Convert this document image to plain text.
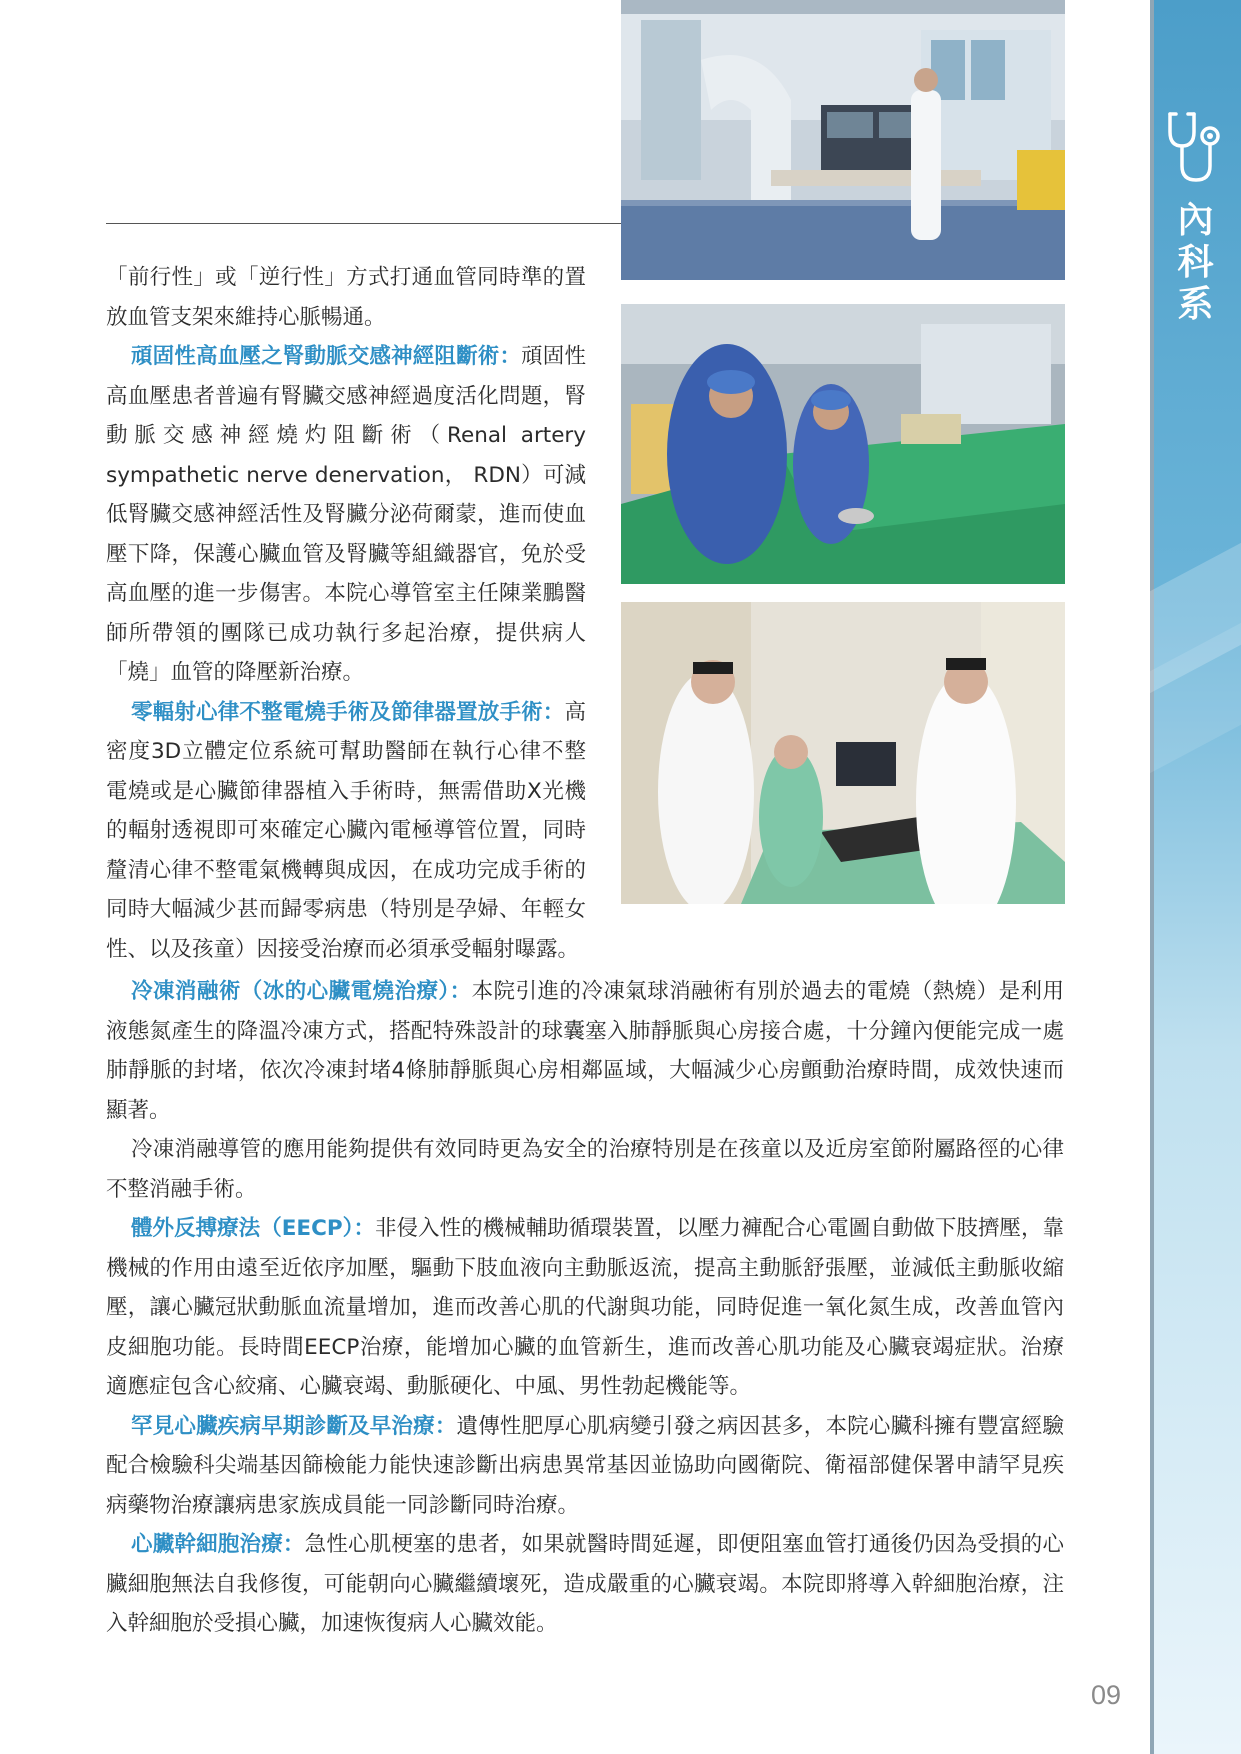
內科系

「前行性」或「逆行性」方式打通血管同時準的置放血管支架來維持心脈暢通。

頑固性高血壓之腎動脈交感神經阻斷術：頑固性高血壓患者普遍有腎臟交感神經過度活化問題，腎動脈交感神經燒灼阻斷術（Renal artery sympathetic nerve denervation， RDN）可減低腎臟交感神經活性及腎臟分泌荷爾蒙，進而使血壓下降，保護心臟血管及腎臟等組織器官，免於受高血壓的進一步傷害。本院心導管室主任陳業鵬醫師所帶領的團隊已成功執行多起治療，提供病人「燒」血管的降壓新治療。

零輻射心律不整電燒手術及節律器置放手術：高密度3D立體定位系統可幫助醫師在執行心律不整電燒或是心臟節律器植入手術時，無需借助X光機的輻射透視即可來確定心臟內電極導管位置，同時釐清心律不整電氣機轉與成因，在成功完成手術的同時大幅減少甚而歸零病患（特別是孕婦、年輕女性、以及孩童）因接受治療而必須承受輻射曝露。

冷凍消融術（冰的心臟電燒治療）：本院引進的冷凍氣球消融術有別於過去的電燒（熱燒）是利用液態氮產生的降溫冷凍方式，搭配特殊設計的球囊塞入肺靜脈與心房接合處，十分鐘內便能完成一處肺靜脈的封堵，依次冷凍封堵4條肺靜脈與心房相鄰區域，大幅減少心房顫動治療時間，成效快速而顯著。

冷凍消融導管的應用能夠提供有效同時更為安全的治療特別是在孩童以及近房室節附屬路徑的心律不整消融手術。

體外反搏療法（EECP）：非侵入性的機械輔助循環裝置，以壓力褲配合心電圖自動做下肢擠壓，靠機械的作用由遠至近依序加壓，驅動下肢血液向主動脈返流，提高主動脈舒張壓，並減低主動脈收縮壓，讓心臟冠狀動脈血流量增加，進而改善心肌的代謝與功能，同時促進一氧化氮生成，改善血管內皮細胞功能。長時間EECP治療，能增加心臟的血管新生，進而改善心肌功能及心臟衰竭症狀。治療適應症包含心絞痛、心臟衰竭、動脈硬化、中風、男性勃起機能等。

罕見心臟疾病早期診斷及早治療：遺傳性肥厚心肌病變引發之病因甚多，本院心臟科擁有豐富經驗配合檢驗科尖端基因篩檢能力能快速診斷出病患異常基因並協助向國衛院、衛福部健保署申請罕見疾病藥物治療讓病患家族成員能一同診斷同時治療。

心臟幹細胞治療：急性心肌梗塞的患者，如果就醫時間延遲，即便阻塞血管打通後仍因為受損的心臟細胞無法自我修復，可能朝向心臟繼續壞死，造成嚴重的心臟衰竭。本院即將導入幹細胞治療，注入幹細胞於受損心臟，加速恢復病人心臟效能。

09
